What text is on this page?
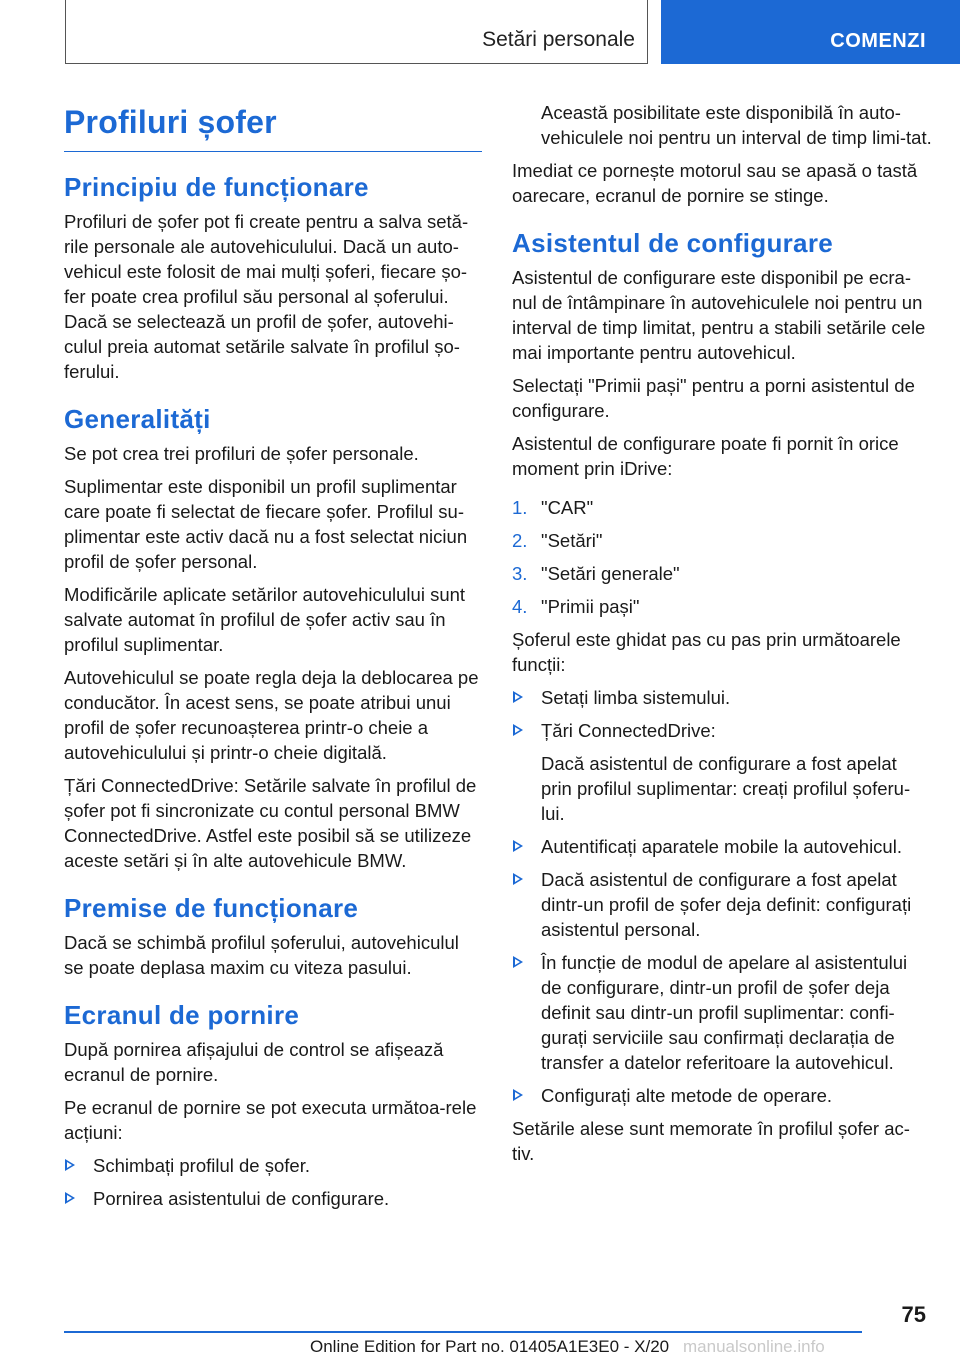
Setări personale	COMENZI
Profiluri șofer
Principiu de funcționare

Profiluri de șofer pot fi create pentru a salva setă-rile personale ale autovehiculului. Dacă un auto-vehicul este folosit de mai mulți șoferi, fiecare șo-fer poate crea profilul său personal al șoferului. Dacă se selectează un profil de șofer, autovehi-culul preia automat setările salvate în profilul șo-ferului.

Generalități

Se pot crea trei profiluri de șofer personale.

Suplimentar este disponibil un profil suplimentar care poate fi selectat de fiecare șofer. Profilul su-plimentar este activ dacă nu a fost selectat niciun profil de șofer personal.

Modificările aplicate setărilor autovehiculului sunt salvate automat în profilul de șofer activ sau în profilul suplimentar.

Autovehiculul se poate regla deja la deblocarea pe conducător. În acest sens, se poate atribui unui profil de șofer recunoașterea printr-o cheie a autovehiculului și printr-o cheie digitală.

Țări ConnectedDrive: Setările salvate în profilul de șofer pot fi sincronizate cu contul personal BMW ConnectedDrive. Astfel este posibil să se utilizeze aceste setări și în alte autovehicule BMW.

Premise de funcționare

Dacă se schimbă profilul șoferului, autovehiculul se poate deplasa maxim cu viteza pasului.

Ecranul de pornire

După pornirea afișajului de control se afișează ecranul de pornire.

Pe ecranul de pornire se pot executa următoa-rele acțiuni:

Schimbați profilul de șofer.
Pornirea asistentului de configurare.

Această posibilitate este disponibilă în auto-vehiculele noi pentru un interval de timp limi-tat.

Imediat ce pornește motorul sau se apasă o tastă oarecare, ecranul de pornire se stinge.

Asistentul de configurare

Asistentul de configurare este disponibil pe ecra-nul de întâmpinare în autovehiculele noi pentru un interval de timp limitat, pentru a stabili setările cele mai importante pentru autovehicul.

Selectați "Primii pași" pentru a porni asistentul de configurare.

Asistentul de configurare poate fi pornit în orice moment prin iDrive:

1. "CAR"
2. "Setări"
3. "Setări generale"
4. "Primii pași"

Șoferul este ghidat pas cu pas prin următoarele funcții:

Setați limba sistemului.
Țări ConnectedDrive:
Dacă asistentul de configurare a fost apelat prin profilul suplimentar: creați profilul șoferu-lui.
Autentificați aparatele mobile la autovehicul.
Dacă asistentul de configurare a fost apelat dintr-un profil de șofer deja definit: configurați asistentul personal.
În funcție de modul de apelare al asistentului de configurare, dintr-un profil de șofer deja definit sau dintr-un profil suplimentar: confi-gurați serviciile sau confirmați declarația de transfer a datelor referitoare la autovehicul.
Configurați alte metode de operare.

Setările alese sunt memorate în profilul șofer ac-tiv.

75
Online Edition for Part no. 01405A1E3E0 - X/20 manualsonline.info
